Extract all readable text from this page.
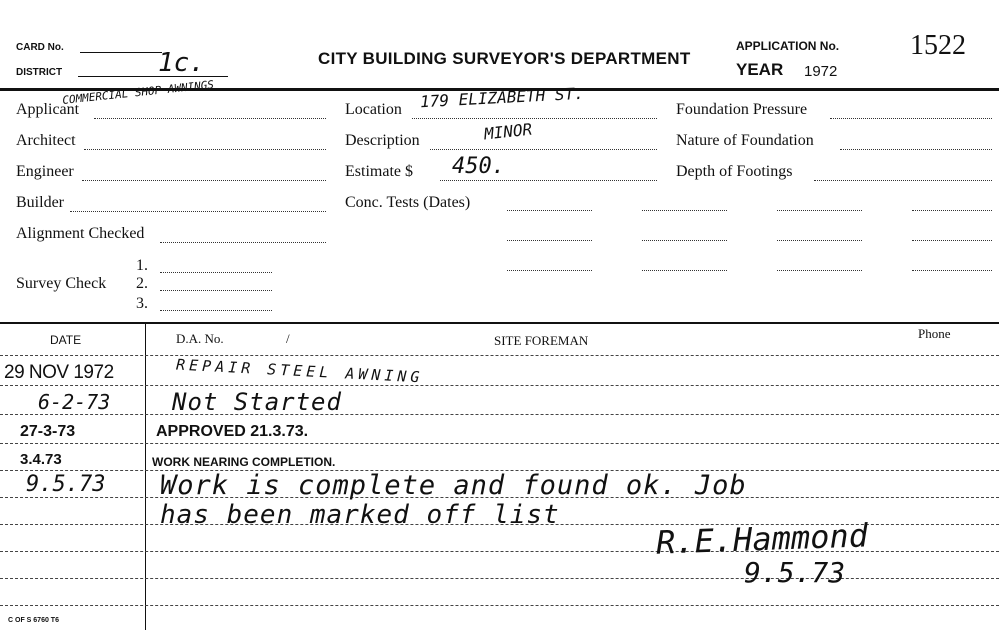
CARD No.
DISTRICT	1c.	CITY BUILDING SURVEYOR'S DEPARTMENT
APPLICATION No.	1522
YEAR 1972
Applicant
COMMERCIAL SHOP AWNINGS
Architect
Engineer
Builder
Alignment Checked
Survey Check
1.
2.
3.
Location 179 ELIZABETH ST.
Description	MINOR
Estimate $ 450.
Conc. Tests (Dates)
Foundation Pressure
Nature of Foundation
Depth of Footings
DATE	D.A. No.	/	SITE FOREMAN	Phone
29 NOV 1972	REPAIR STEEL AWNING
6-2-73	Not Started
27-3-73	APPROVED 21.3.73.
3.4.73	WORK NEARING COMPLETION.
9.5.73 Work is complete and found ok. Job
has been marked off list
R.E.Hammond
9.5.73
C OF S 6760 T6
